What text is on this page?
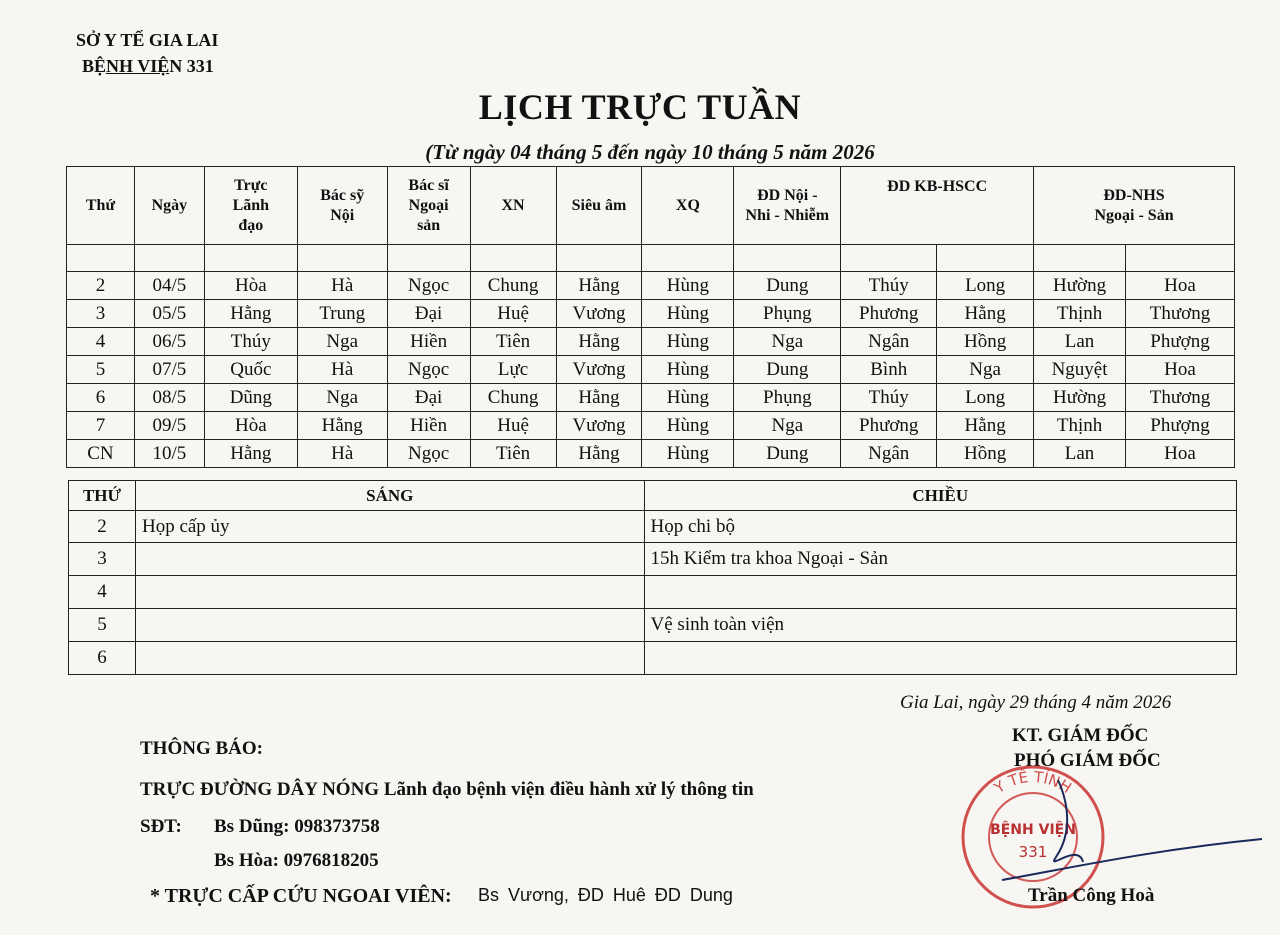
SỞ Y TẾ GIA LAI
BỆNH VIỆN 331
LỊCH TRỰC TUẦN
(Từ ngày 04 tháng 5 đến ngày 10 tháng 5 năm 2026
Thứ	Ngày	Trực
Lãnh
đạo	Bác sỹ
Nội	Bác sĩ
Ngoại
sản	XN	Siêu âm	XQ	ĐD Nội -
Nhi - Nhiễm	ĐD KB-HSCC		ĐD-NHS
Ngoại - Sản	

2	04/5	Hòa	Hà	Ngọc	Chung	Hằng	Hùng	Dung	Thúy	Long	Hường	Hoa
3	05/5	Hằng	Trung	Đại	Huệ	Vương	Hùng	Phụng	Phương	Hằng	Thịnh	Thương
4	06/5	Thúy	Nga	Hiền	Tiên	Hằng	Hùng	Nga	Ngân	Hồng	Lan	Phượng
5	07/5	Quốc	Hà	Ngọc	Lực	Vương	Hùng	Dung	Bình	Nga	Nguyệt	Hoa
6	08/5	Dũng	Nga	Đại	Chung	Hằng	Hùng	Phụng	Thúy	Long	Hường	Thương
7	09/5	Hòa	Hằng	Hiền	Huệ	Vương	Hùng	Nga	Phương	Hằng	Thịnh	Phượng
CN	10/5	Hằng	Hà	Ngọc	Tiên	Hằng	Hùng	Dung	Ngân	Hồng	Lan	Hoa
THỨ	SÁNG	CHIỀU
2	Họp cấp ủy	Họp chi bộ
3		15h Kiểm tra khoa Ngoại - Sản
4		
5		Vệ sinh toàn viện
6		
Gia Lai, ngày 29 tháng 4 năm 2026
KT. GIÁM ĐỐC
PHÓ GIÁM ĐỐC
THÔNG BÁO:
TRỰC ĐƯỜNG DÂY NÓNG Lãnh đạo bệnh viện điều hành xử lý thông tin
SĐT: Bs Dũng: 098373758
Bs Hòa: 0976818205
* TRỰC CẤP CỨU NGOAI VIÊN: Bs Vương, ĐD Huê ĐD Dung
Y TẾ TỈNH
BỆNH VIỆN
331
Trần Công Hoà
